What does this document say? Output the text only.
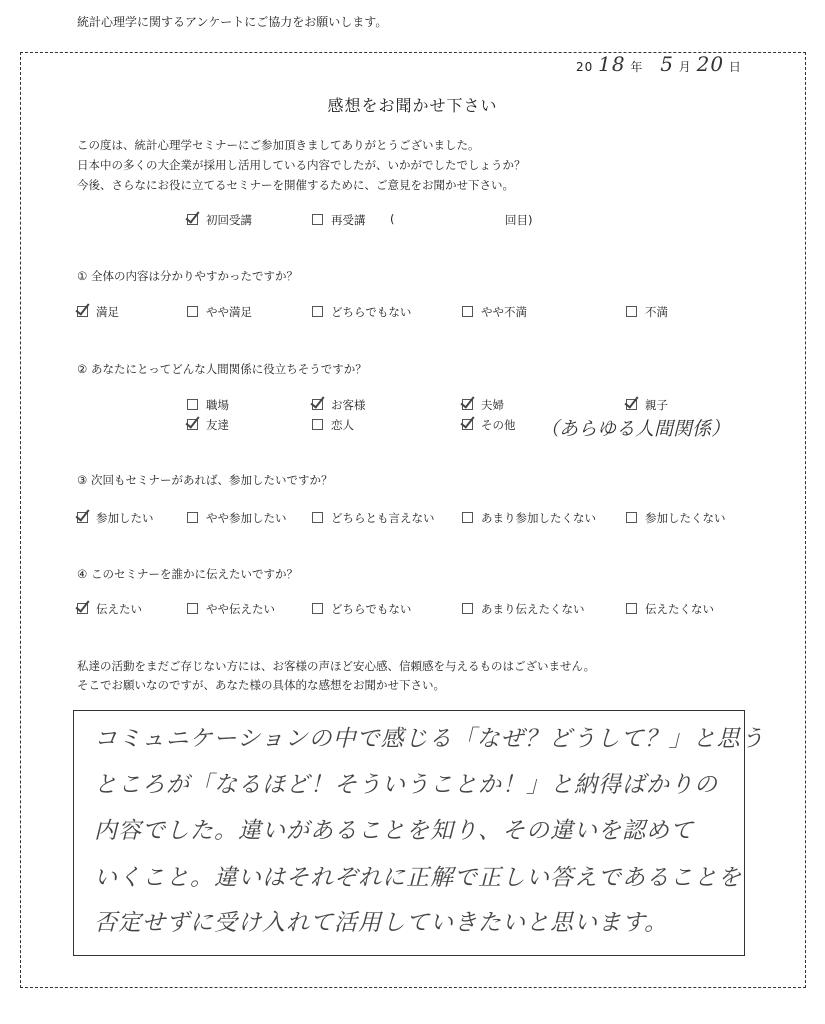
統計心理学に関するアンケートにご協力をお願いします。
20 18 年 5 月 20 日
感想をお聞かせ下さい
この度は、統計心理学セミナーにご参加頂きましてありがとうございました。
日本中の多くの大企業が採用し活用している内容でしたが、いかがでしたでしょうか？
今後、さらなにお役に立てるセミナーを開催するために、ご意見をお聞かせ下さい。
初回受講	再受講 (	回目)
① 全体の内容は分かりやすかったですか？
満足	やや満足	どちらでもない	やや不満	不満
② あなたにとってどんな人間関係に役立ちそうですか？
職場	お客様	夫婦	親子
友達	恋人	その他 （あらゆる人間関係）
③ 次回もセミナーがあれば、参加したいですか？
参加したい	やや参加したい	どちらとも言えない	あまり参加したくない	参加したくない
④ このセミナーを誰かに伝えたいですか？
伝えたい	やや伝えたい	どちらでもない	あまり伝えたくない	伝えたくない
私達の活動をまだご存じない方には、お客様の声ほど安心感、信頼感を与えるものはございません。
そこでお願いなのですが、あなた様の具体的な感想をお聞かせ下さい。
コミュニケーションの中で感じる「なぜ？どうして？」と思う
ところが「なるほど！そういうことか！」と納得ばかりの
内容でした。違いがあることを知り、その違いを認めて
いくこと。違いはそれぞれに正解で正しい答えであることを
否定せずに受け入れて活用していきたいと思います。
